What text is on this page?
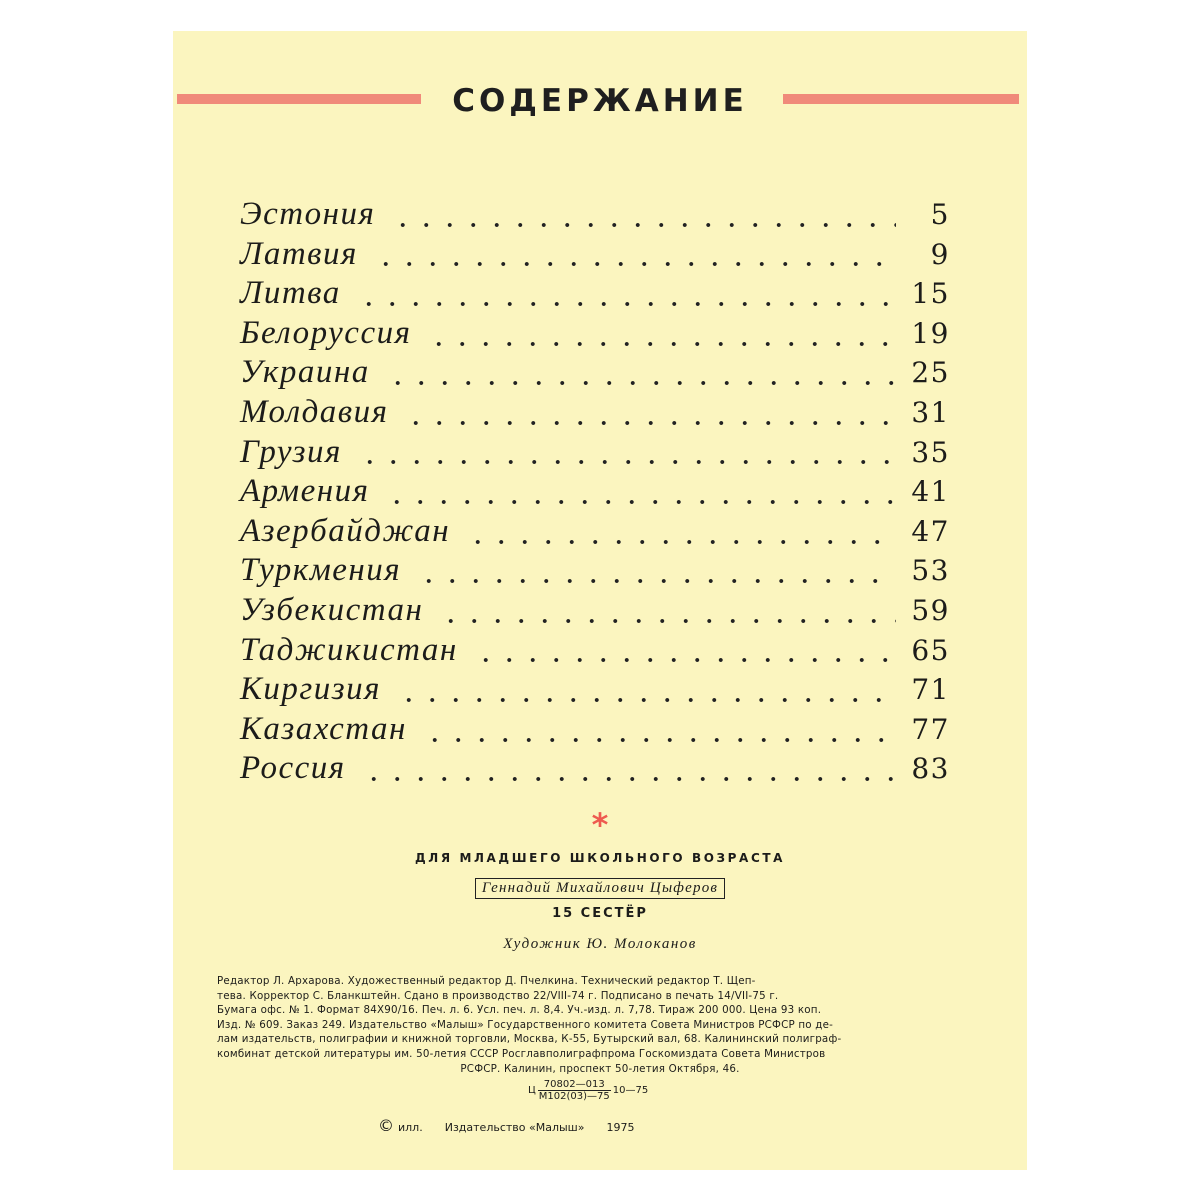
СОДЕРЖАНИЕ
Эстония	5
Латвия	9
Литва	15
Белоруссия	19
Украина	25
Молдавия	31
Грузия	35
Армения	41
Азербайджан	47
Туркмения	53
Узбекистан	59
Таджикистан	65
Киргизия	71
Казахстан	77
Россия	83
*
ДЛЯ МЛАДШЕГО ШКОЛЬНОГО ВОЗРАСТА
Геннадий Михайлович Цыферов
15 СЕСТЁР
Художник Ю. Молоканов

Редактор Л. Архарова. Художественный редактор Д. Пчелкина. Технический редактор Т. Щеп-

тева. Корректор С. Бланкштейн. Сдано в производство 22/VIII-74 г. Подписано в печать 14/VII-75 г.

Бумага офс. № 1. Формат 84Х90/16. Печ. л. 6. Усл. печ. л. 8,4. Уч.-изд. л. 7,78. Тираж 200 000. Цена 93 коп.

Изд. № 609. Заказ 249. Издательство «Малыш» Государственного комитета Совета Министров РСФСР по де-

лам издательств, полиграфии и книжной торговли, Москва, К-55, Бутырский вал, 68. Калининский полиграф-

комбинат детской литературы им. 50-летия СССР Росглавполиграфпрома Госкомиздата Совета Министров

РСФСР. Калинин, проспект 50-летия Октября, 46.

Ц $\frac{70802—013}{М102(03)—75}$ 10—75
© илл. Издательство «Малыш» 1975
